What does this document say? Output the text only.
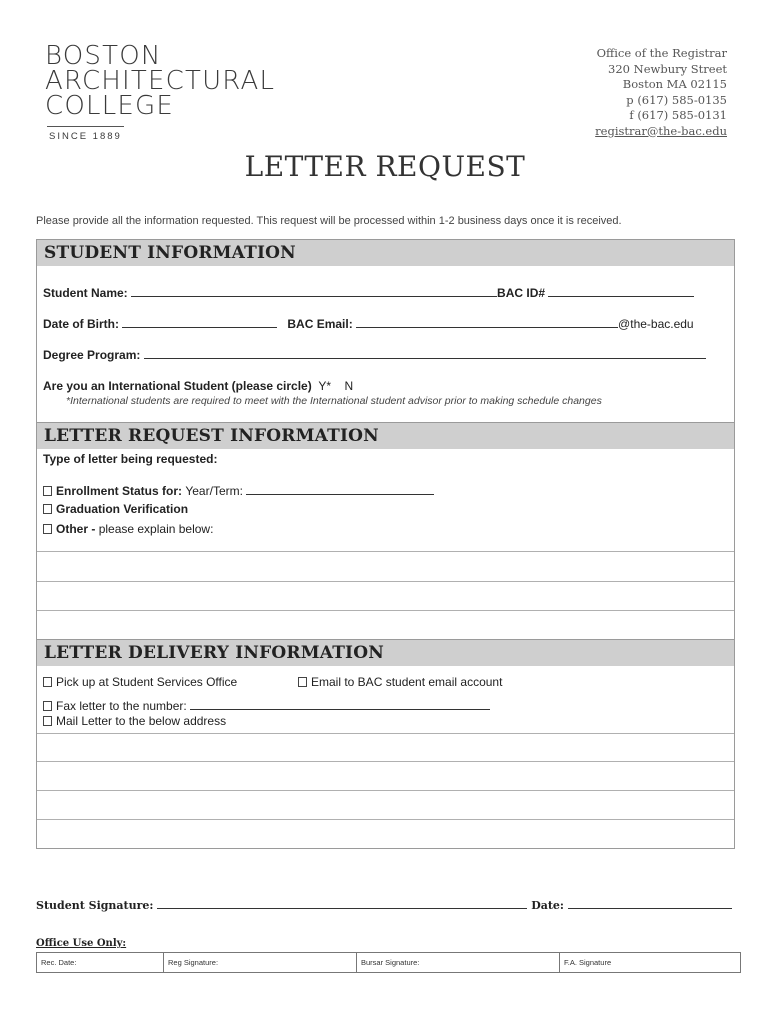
BOSTON
ARCHITECTURAL
COLLEGE
SINCE 1889
Office of the Registrar
320 Newbury Street
Boston MA 02115
p (617) 585-0135
f (617) 585-0131
registrar@the-bac.edu
LETTER REQUEST
Please provide all the information requested. This request will be processed within 1-2 business days once it is received.
STUDENT INFORMATION
Student Name:	BAC ID#
Date of Birth:	BAC Email:	@the-bac.edu
Degree Program:
Are you an International Student (please circle) Y* N
*International students are required to meet with the International student advisor prior to making schedule changes
LETTER REQUEST INFORMATION
Type of letter being requested:
Enrollment Status for: Year/Term:
Graduation Verification
Other - please explain below:
LETTER DELIVERY INFORMATION
Pick up at Student Services Office	Email to BAC student email account
Fax letter to the number:
Mail Letter to the below address
Student Signature:	Date:
Office Use Only:
Rec. Date:	Reg Signature:	Bursar Signature:	F.A. Signature
